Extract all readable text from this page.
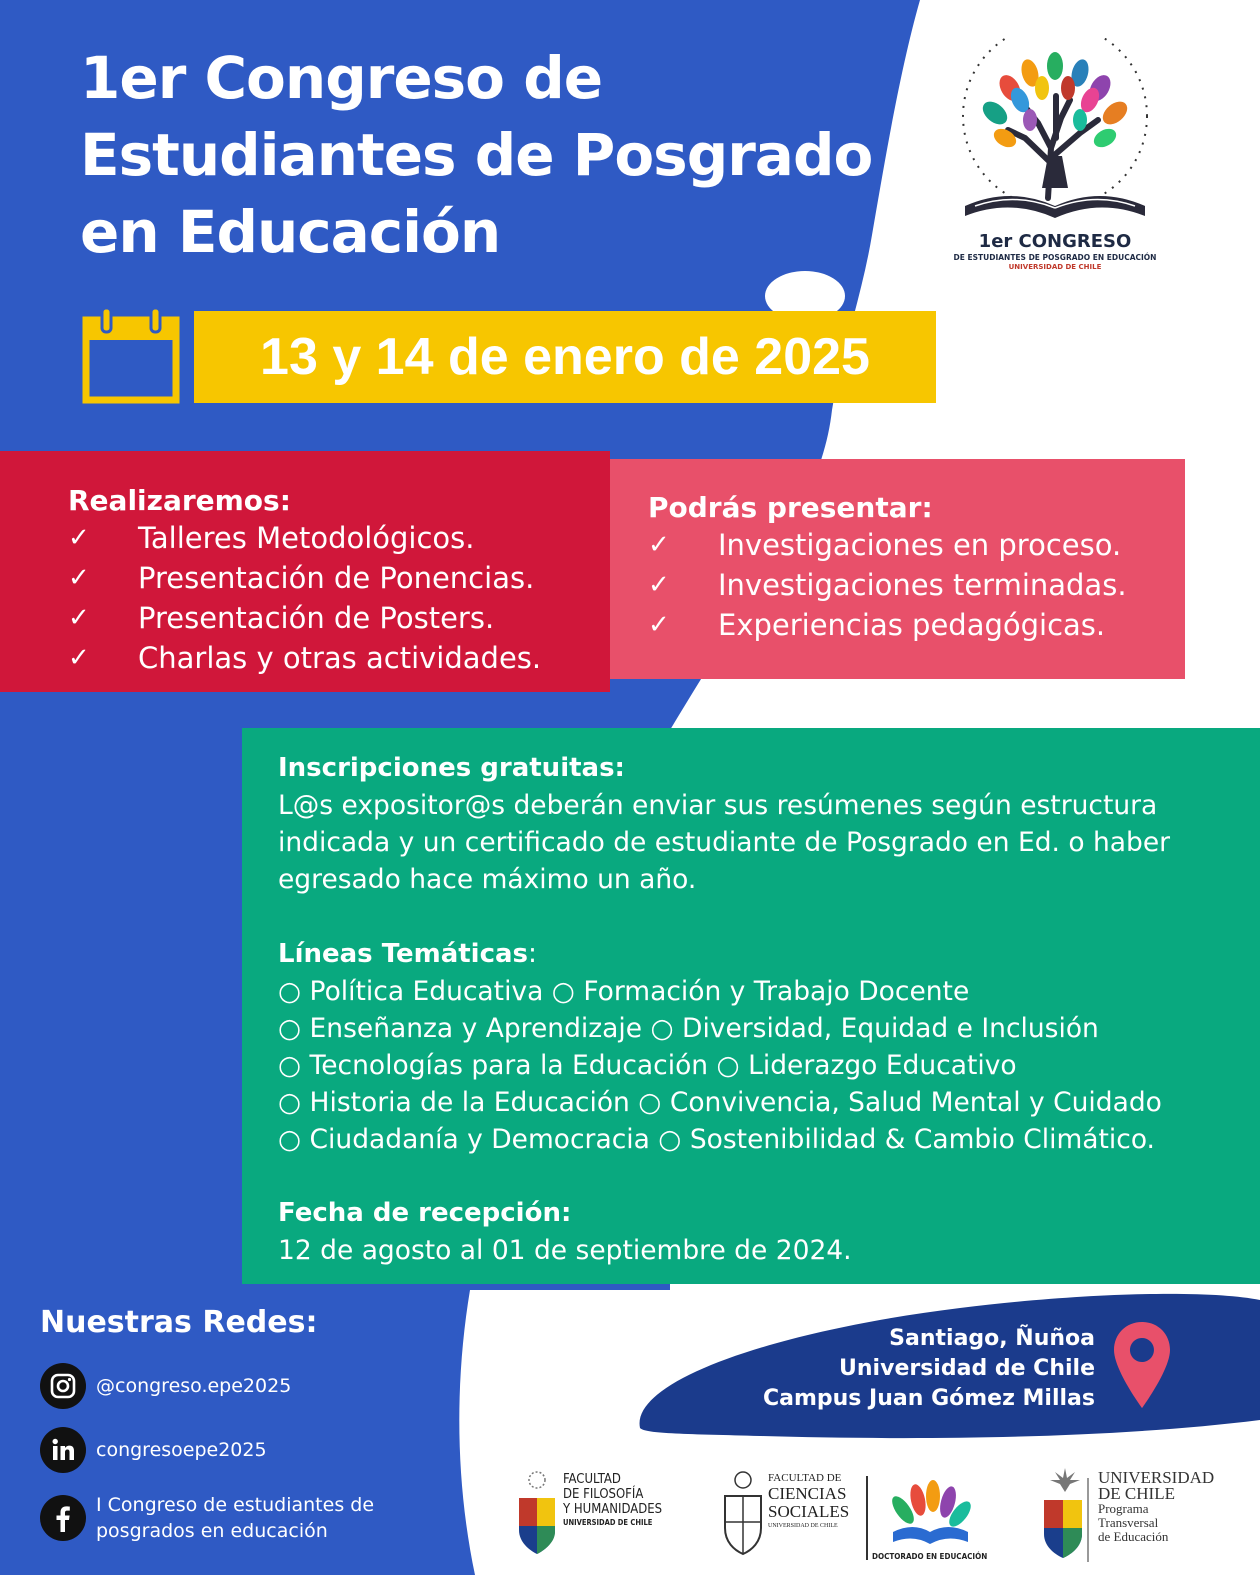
1er Congreso de
Estudiantes de Posgrado
en Educación	1er CONGRESO
DE ESTUDIANTES DE POSGRADO EN EDUCACIÓN
UNIVERSIDAD DE CHILE
13 y 14 de enero de 2025
Realizaremos:
✓	Talleres Metodológicos.
✓	Presentación de Ponencias.
✓	Presentación de Posters.
✓	Charlas y otras actividades.
Podrás presentar:
✓	Investigaciones en proceso.
✓	Investigaciones terminadas.
✓	Experiencias pedagógicas.
Inscripciones gratuitas:
L@s expositor@s deberán enviar sus resúmenes según estructura
indicada y un certificado de estudiante de Posgrado en Ed. o haber
egresado hace máximo un año.
Líneas Temáticas:
○ Política Educativa ○ Formación y Trabajo Docente
○ Enseñanza y Aprendizaje ○ Diversidad, Equidad e Inclusión
○ Tecnologías para la Educación ○ Liderazgo Educativo
○ Historia de la Educación ○ Convivencia, Salud Mental y Cuidado
○ Ciudadanía y Democracia ○ Sostenibilidad & Cambio Climático.
Fecha de recepción:
12 de agosto al 01 de septiembre de 2024.
Nuestras Redes:
@congreso.epe2025
congresoepe2025
I Congreso de estudiantes de
posgrados en educación
Santiago, Ñuñoa
Universidad de Chile
Campus Juan Gómez Millas
FACULTAD
DE FILOSOFÍA
Y HUMANIDADES
UNIVERSIDAD DE CHILE
FACULTAD DE
CIENCIAS
SOCIALES
UNIVERSIDAD DE CHILE
DOCTORADO EN EDUCACIÓN
UNIVERSIDAD
DE CHILE
Programa
Transversal
de Educación
